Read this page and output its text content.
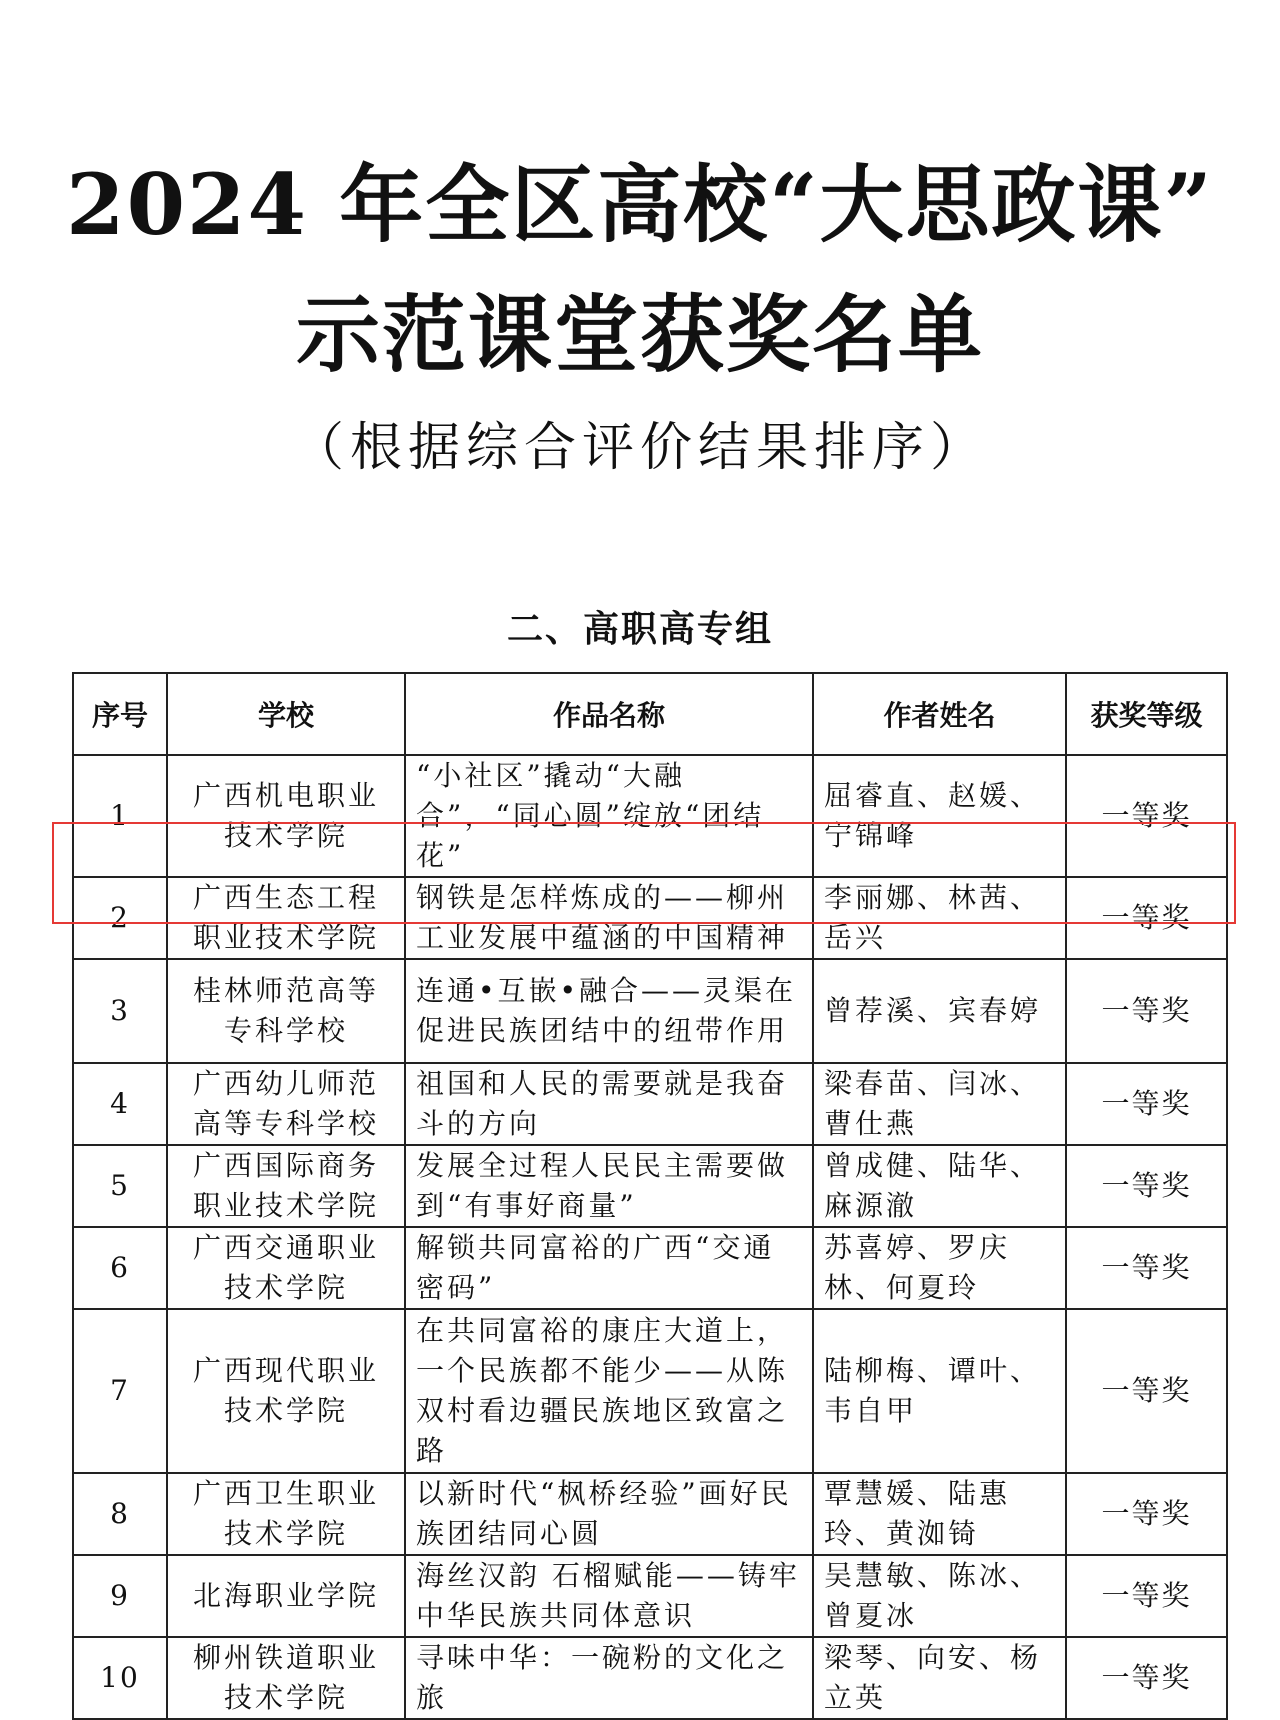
2024 年全区高校“大思政课”
示范课堂获奖名单
（根据综合评价结果排序）
二、高职高专组
序号	学校	作品名称	作者姓名	获奖等级
1	广西机电职业技术学院	“小社区”撬动“大融合”，“同心圆”绽放“团结花”	屈睿直、赵媛、宁锦峰	一等奖
2	广西生态工程职业技术学院	钢铁是怎样炼成的——柳州工业发展中蕴涵的中国精神	李丽娜、林茜、岳兴	一等奖
3	桂林师范高等专科学校	连通•互嵌•融合——灵渠在促进民族团结中的纽带作用	曾荐溪、宾春婷	一等奖
4	广西幼儿师范高等专科学校	祖国和人民的需要就是我奋斗的方向	梁春苗、闫冰、曹仕燕	一等奖
5	广西国际商务职业技术学院	发展全过程人民民主需要做到“有事好商量”	曾成健、陆华、麻源澈	一等奖
6	广西交通职业技术学院	解锁共同富裕的广西“交通密码”	苏喜婷、罗庆林、何夏玲	一等奖
7	广西现代职业技术学院	在共同富裕的康庄大道上，一个民族都不能少——从陈双村看边疆民族地区致富之路	陆柳梅、谭叶、韦自甲	一等奖
8	广西卫生职业技术学院	以新时代“枫桥经验”画好民族团结同心圆	覃慧媛、陆惠玲、黄洳锜	一等奖
9	北海职业学院	海丝汉韵 石榴赋能——铸牢中华民族共同体意识	吴慧敏、陈冰、曾夏冰	一等奖
10	柳州铁道职业技术学院	寻味中华：一碗粉的文化之旅	梁琴、向安、杨立英	一等奖
